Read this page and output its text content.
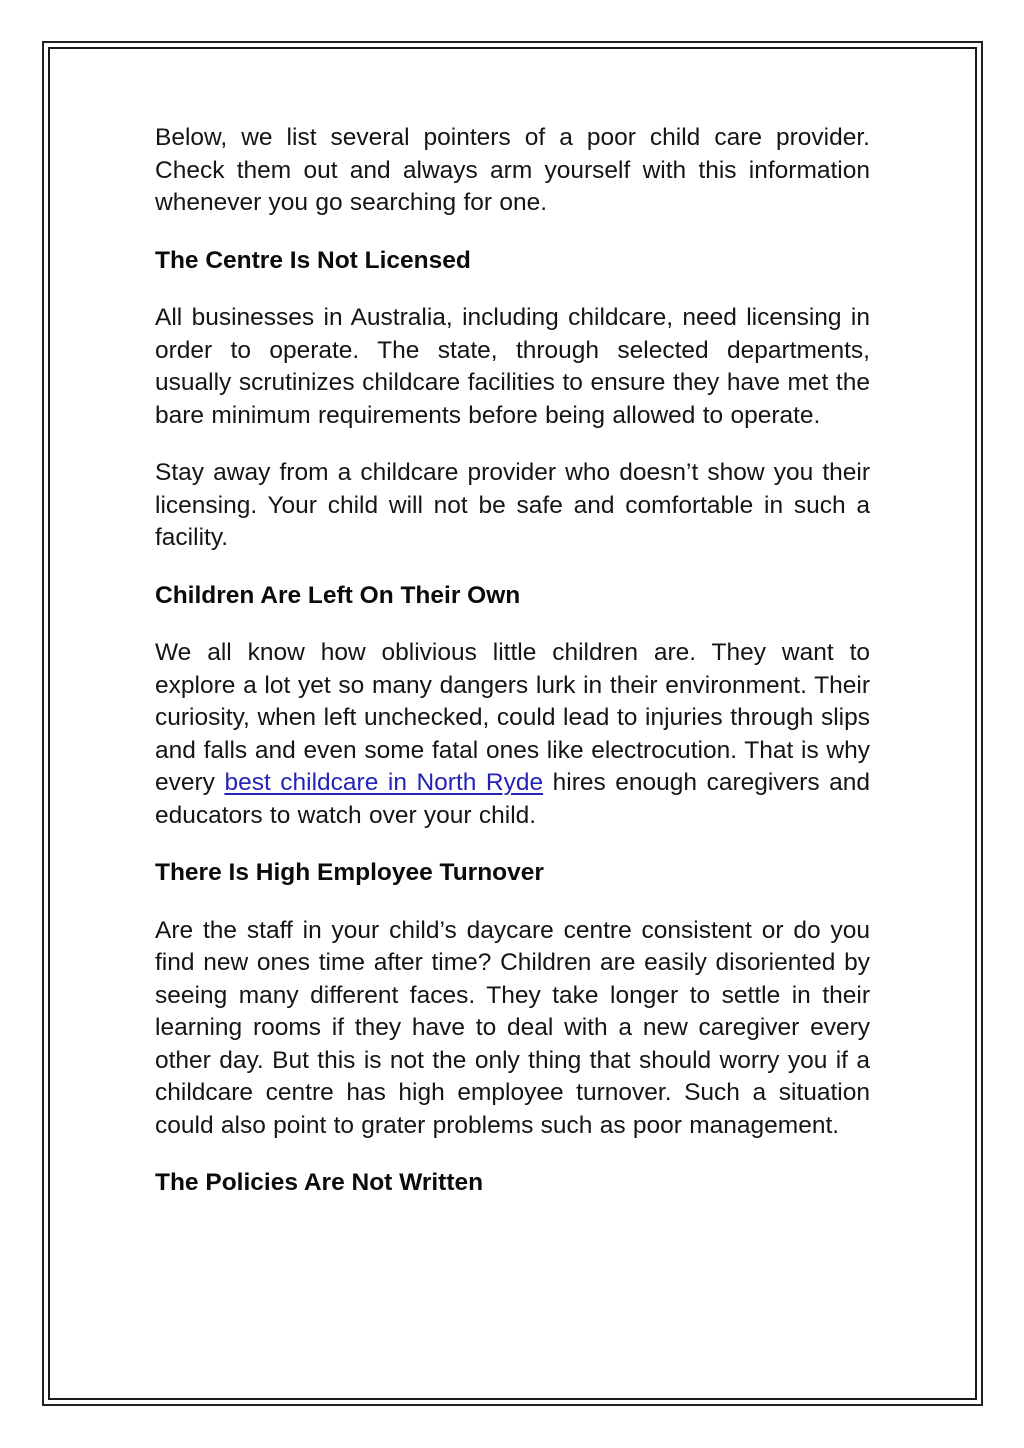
Below, we list several pointers of a poor child care provider. Check them out and always arm yourself with this information whenever you go searching for one.

The Centre Is Not Licensed

All businesses in Australia, including childcare, need licensing in order to operate. The state, through selected departments, usually scrutinizes childcare facilities to ensure they have met the bare minimum requirements before being allowed to operate.

Stay away from a childcare provider who doesn’t show you their licensing. Your child will not be safe and comfortable in such a facility.

Children Are Left On Their Own

We all know how oblivious little children are. They want to explore a lot yet so many dangers lurk in their environment. Their curiosity, when left unchecked, could lead to injuries through slips and falls and even some fatal ones like electrocution. That is why every best childcare in North Ryde hires enough caregivers and educators to watch over your child.

There Is High Employee Turnover

Are the staff in your child’s daycare centre consistent or do you find new ones time after time? Children are easily disoriented by seeing many different faces. They take longer to settle in their learning rooms if they have to deal with a new caregiver every other day. But this is not the only thing that should worry you if a childcare centre has high employee turnover. Such a situation could also point to grater problems such as poor management.

The Policies Are Not Written
